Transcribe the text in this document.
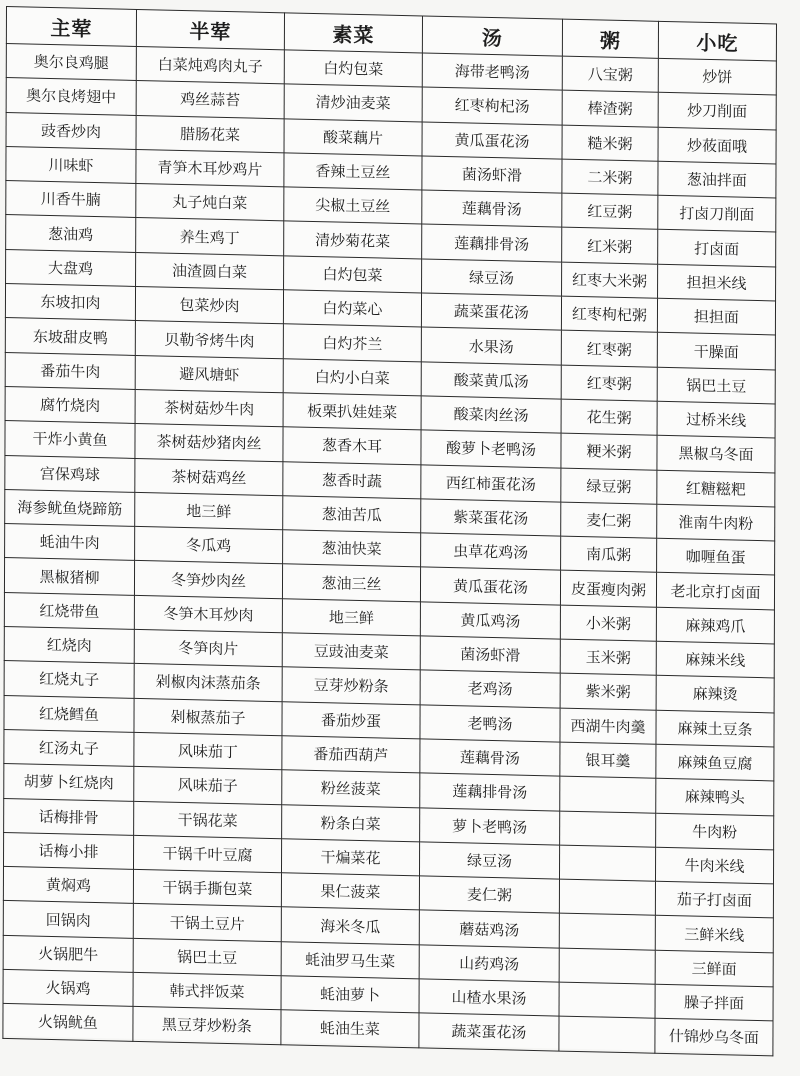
主荤	半荤	素菜	汤	粥	小吃
奥尔良鸡腿	白菜炖鸡肉丸子	白灼包菜	海带老鸭汤	八宝粥	炒饼
奥尔良烤翅中	鸡丝蒜苔	清炒油麦菜	红枣枸杞汤	棒渣粥	炒刀削面
豉香炒肉	腊肠花菜	酸菜藕片	黄瓜蛋花汤	糙米粥	炒莜面哦
川味虾	青笋木耳炒鸡片	香辣土豆丝	菌汤虾滑	二米粥	葱油拌面
川香牛腩	丸子炖白菜	尖椒土豆丝	莲藕骨汤	红豆粥	打卤刀削面
葱油鸡	养生鸡丁	清炒菊花菜	莲藕排骨汤	红米粥	打卤面
大盘鸡	油渣圆白菜	白灼包菜	绿豆汤	红枣大米粥	担担米线
东坡扣肉	包菜炒肉	白灼菜心	蔬菜蛋花汤	红枣枸杞粥	担担面
东坡甜皮鸭	贝勒爷烤牛肉	白灼芥兰	水果汤	红枣粥	干臊面
番茄牛肉	避风塘虾	白灼小白菜	酸菜黄瓜汤	红枣粥	锅巴土豆
腐竹烧肉	茶树菇炒牛肉	板栗扒娃娃菜	酸菜肉丝汤	花生粥	过桥米线
干炸小黄鱼	茶树菇炒猪肉丝	葱香木耳	酸萝卜老鸭汤	粳米粥	黑椒乌冬面
宫保鸡球	茶树菇鸡丝	葱香时蔬	西红柿蛋花汤	绿豆粥	红糖糍粑
海参鱿鱼烧蹄筋	地三鲜	葱油苦瓜	紫菜蛋花汤	麦仁粥	淮南牛肉粉
蚝油牛肉	冬瓜鸡	葱油快菜	虫草花鸡汤	南瓜粥	咖喱鱼蛋
黑椒猪柳	冬笋炒肉丝	葱油三丝	黄瓜蛋花汤	皮蛋瘦肉粥	老北京打卤面
红烧带鱼	冬笋木耳炒肉	地三鲜	黄瓜鸡汤	小米粥	麻辣鸡爪
红烧肉	冬笋肉片	豆豉油麦菜	菌汤虾滑	玉米粥	麻辣米线
红烧丸子	剁椒肉沫蒸茄条	豆芽炒粉条	老鸡汤	紫米粥	麻辣烫
红烧鳕鱼	剁椒蒸茄子	番茄炒蛋	老鸭汤	西湖牛肉羹	麻辣土豆条
红汤丸子	风味茄丁	番茄西葫芦	莲藕骨汤	银耳羹	麻辣鱼豆腐
胡萝卜红烧肉	风味茄子	粉丝菠菜	莲藕排骨汤		麻辣鸭头
话梅排骨	干锅花菜	粉条白菜	萝卜老鸭汤		牛肉粉
话梅小排	干锅千叶豆腐	干煸菜花	绿豆汤		牛肉米线
黄焖鸡	干锅手撕包菜	果仁菠菜	麦仁粥		茄子打卤面
回锅肉	干锅土豆片	海米冬瓜	蘑菇鸡汤		三鲜米线
火锅肥牛	锅巴土豆	蚝油罗马生菜	山药鸡汤		三鲜面
火锅鸡	韩式拌饭菜	蚝油萝卜	山楂水果汤		臊子拌面
火锅鱿鱼	黑豆芽炒粉条	蚝油生菜	蔬菜蛋花汤		什锦炒乌冬面
